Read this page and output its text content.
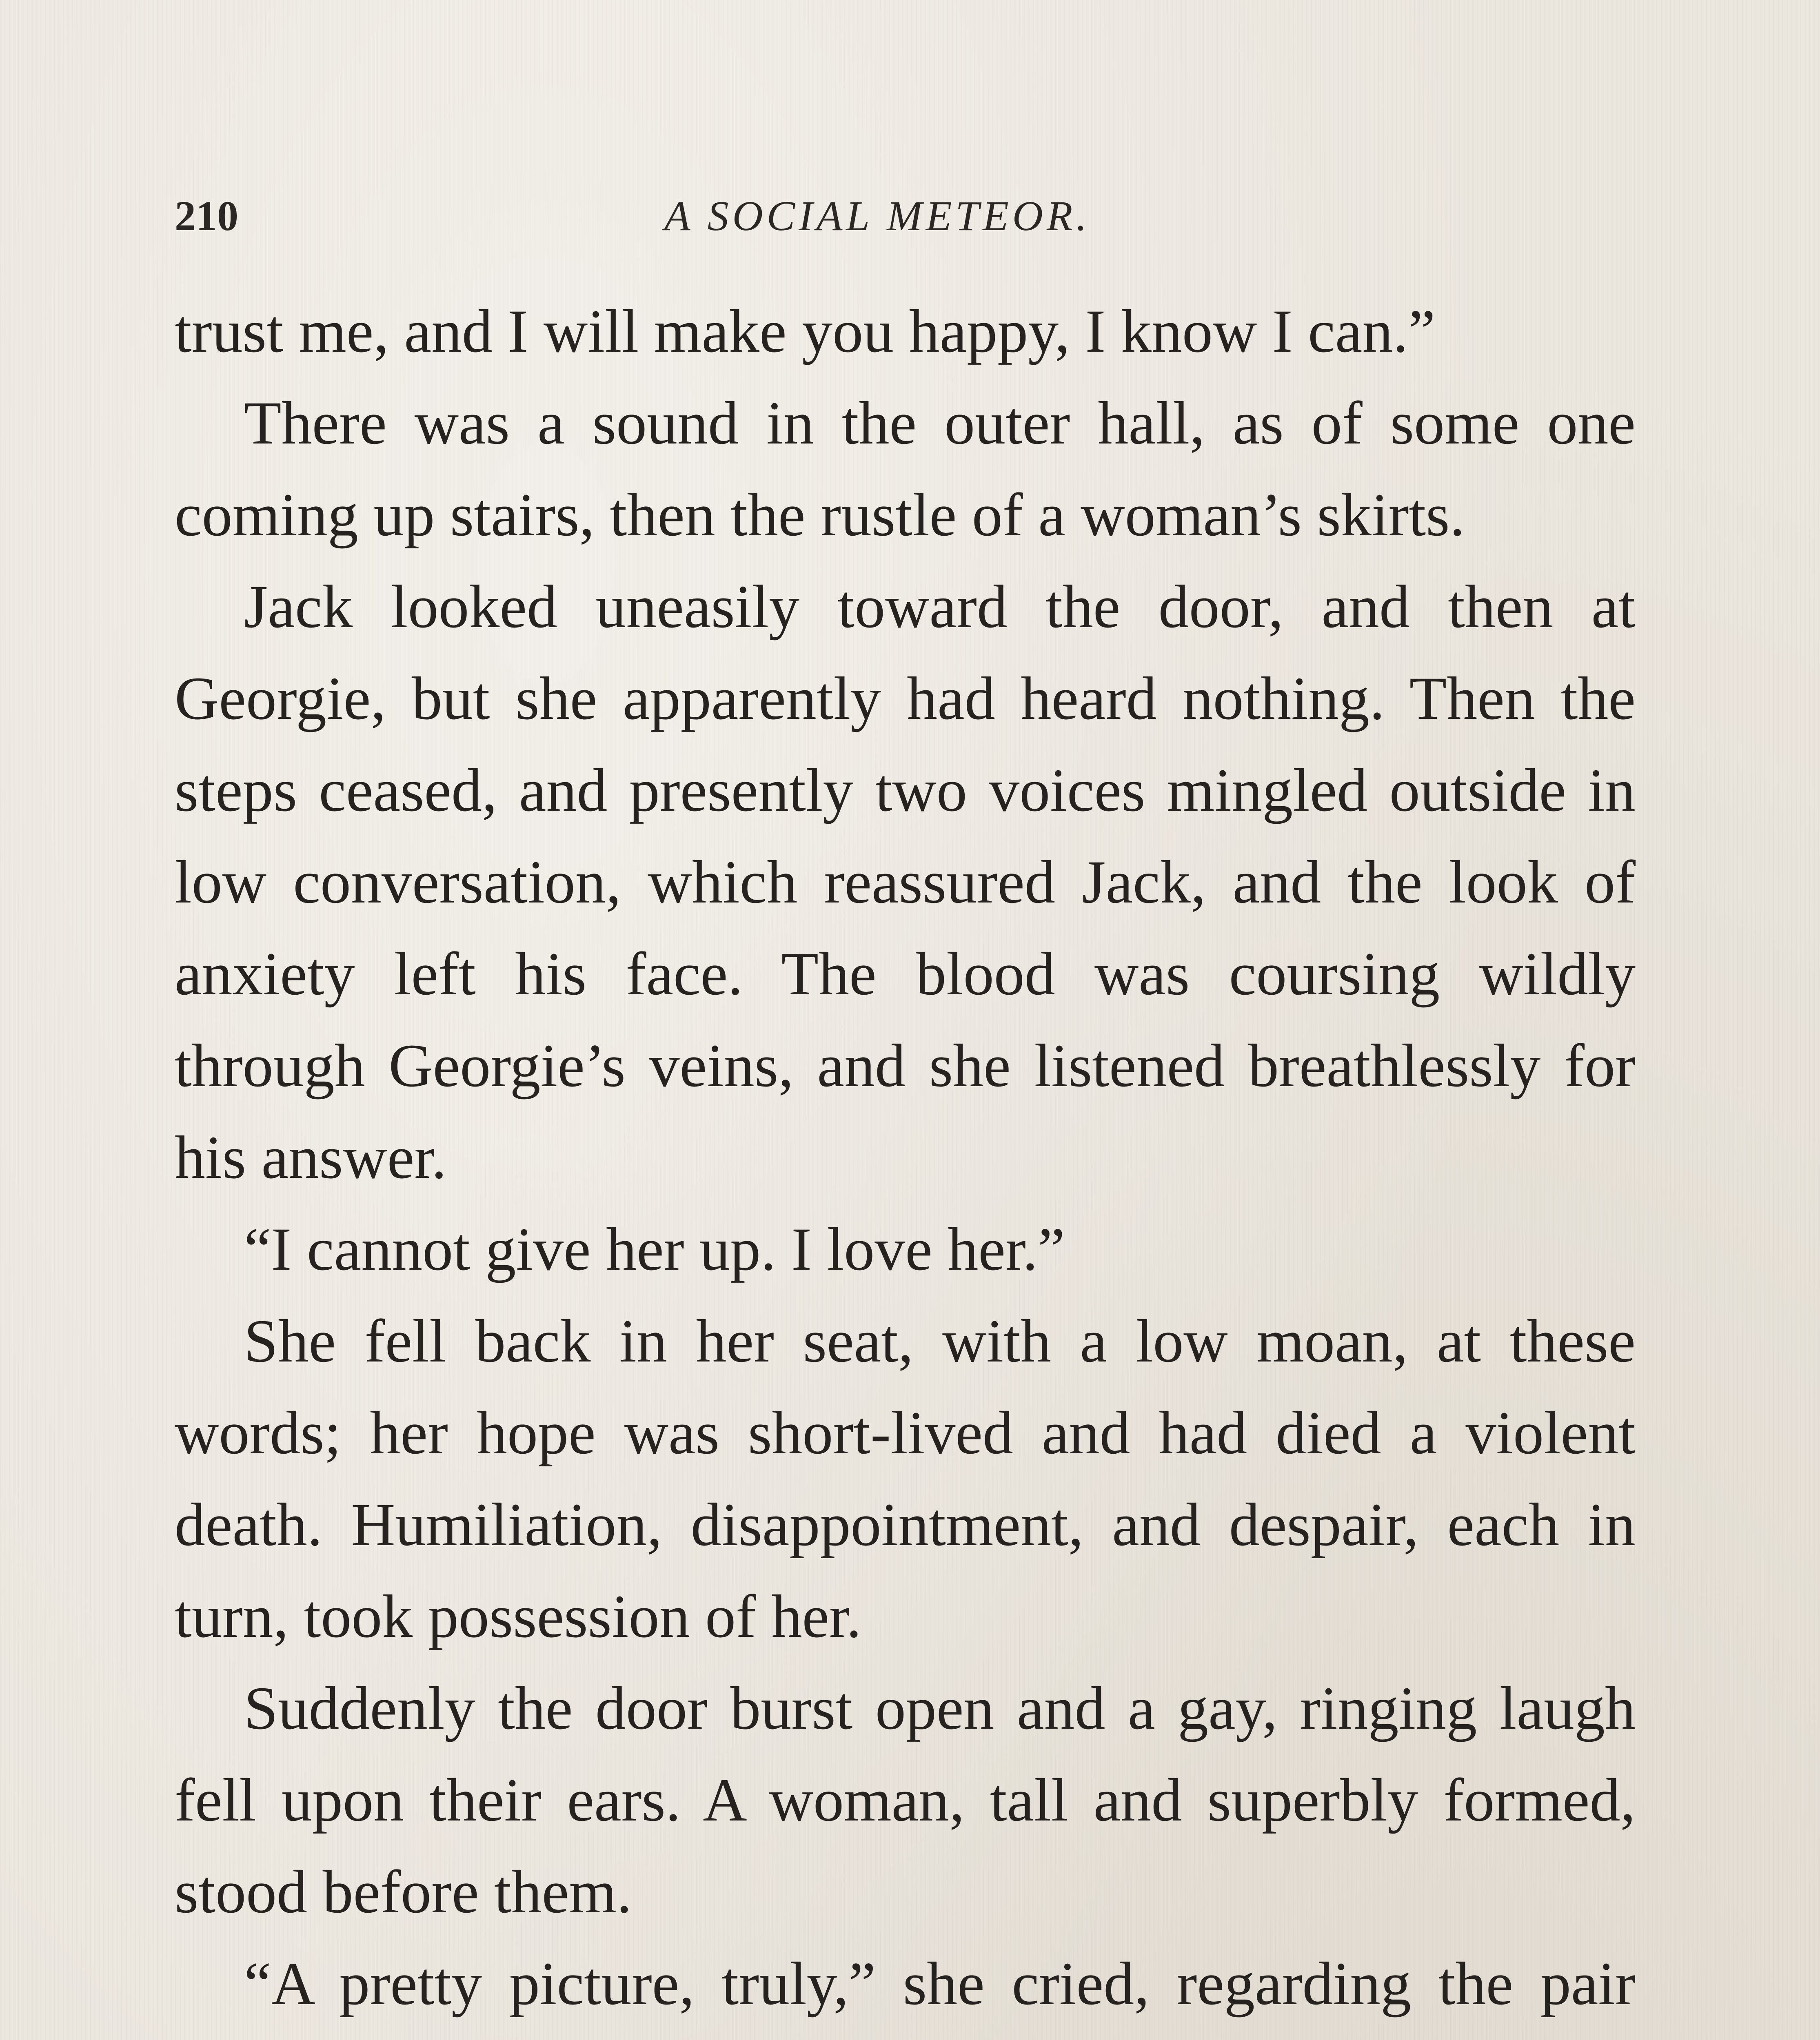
210	A SOCIAL METEOR.

trust me, and I will make you happy, I know I can.”

There was a sound in the outer hall, as of some one coming up stairs, then the rustle of a woman’s skirts.

Jack looked uneasily toward the door, and then at Georgie, but she apparently had heard nothing. Then the steps ceased, and presently two voices mingled outside in low conversation, which reassured Jack, and the look of anxiety left his face. The blood was coursing wildly through Georgie’s veins, and she listened breathlessly for his answer.

“I cannot give her up. I love her.”

She fell back in her seat, with a low moan, at these words; her hope was short-lived and had died a violent death. Humiliation, disappointment, and despair, each in turn, took possession of her.

Suddenly the door burst open and a gay, ringing laugh fell upon their ears. A woman, tall and superbly formed, stood before them.

“A pretty picture, truly,” she cried, regarding the pair
